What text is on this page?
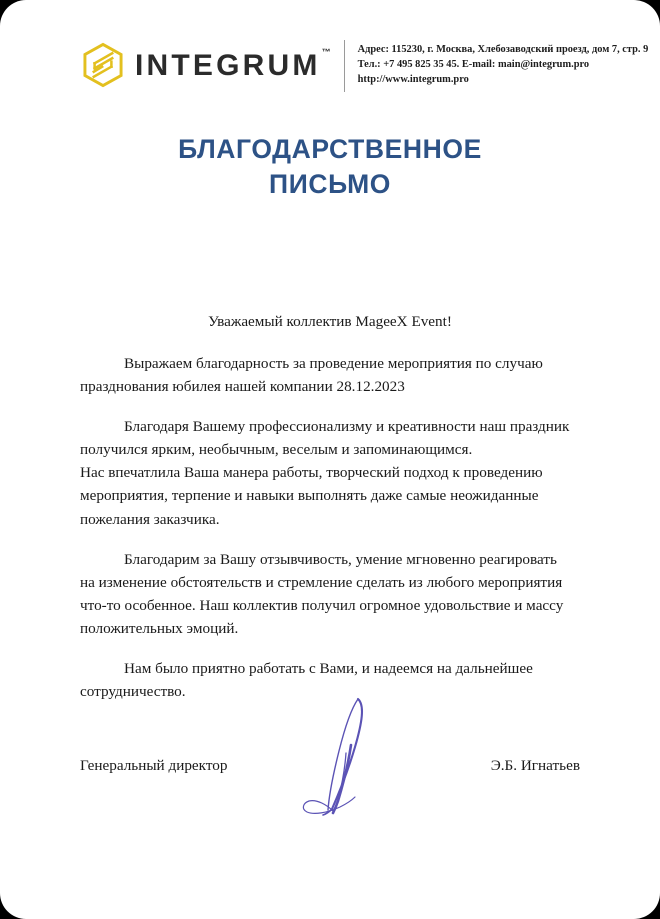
INTEGRUM™	Адрес: 115230, г. Москва, Хлебозаводский проезд, дом 7, стр. 9
Тел.: +7 495 825 35 45. E-mail: main@integrum.pro
http://www.integrum.pro
БЛАГОДАРСТВЕННОЕ
ПИСЬМО
Уважаемый коллектив MageeX Event!

Выражаем благодарность за проведение мероприятия по случаю празднования юбилея нашей компании 28.12.2023

Благодаря Вашему профессионализму и креативности наш праздник получился ярким, необычным, веселым и запоминающимся.

Нас впечатлила Ваша манера работы, творческий подход к проведению мероприятия, терпение и навыки выполнять даже самые неожиданные пожелания заказчика.

Благодарим за Вашу отзывчивость, умение мгновенно реагировать на изменение обстоятельств и стремление сделать из любого мероприятия что-то особенное. Наш коллектив получил огромное удовольствие и массу положительных эмоций.

Нам было приятно работать с Вами, и надеемся на дальнейшее сотрудничество.

Генеральный директор	Э.Б. Игнатьев
